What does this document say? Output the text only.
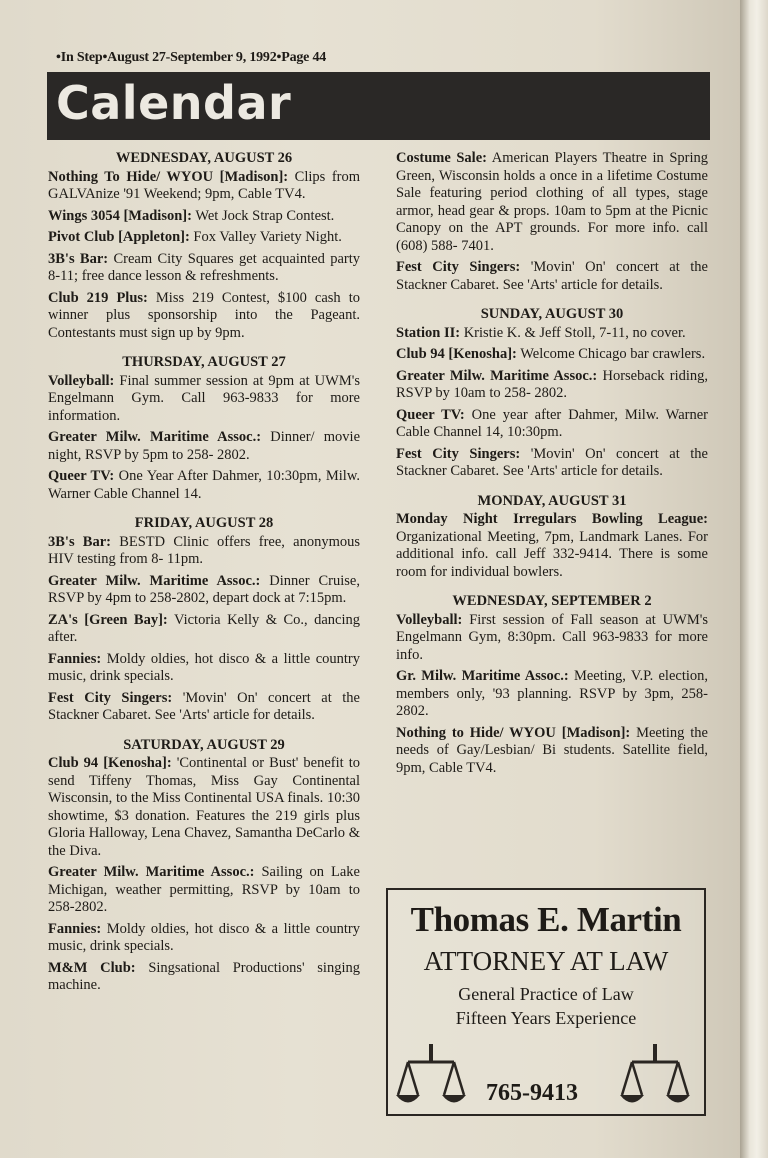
•In Step•August 27-September 9, 1992•Page 44
Calendar
WEDNESDAY, AUGUST 26
Nothing To Hide/ WYOU [Madison]: Clips from GALVAnize '91 Weekend; 9pm, Cable TV4.
Wings 3054 [Madison]: Wet Jock Strap Contest.
Pivot Club [Appleton]: Fox Valley Variety Night.
3B's Bar: Cream City Squares get acquainted party 8-11; free dance lesson & refreshments.
Club 219 Plus: Miss 219 Contest, $100 cash to winner plus sponsorship into the Pageant. Contestants must sign up by 9pm.
THURSDAY, AUGUST 27
Volleyball: Final summer session at 9pm at UWM's Engelmann Gym. Call 963-9833 for more information.
Greater Milw. Maritime Assoc.: Dinner/ movie night, RSVP by 5pm to 258- 2802.
Queer TV: One Year After Dahmer, 10:30pm, Milw. Warner Cable Channel 14.
FRIDAY, AUGUST 28
3B's Bar: BESTD Clinic offers free, anonymous HIV testing from 8- 11pm.
Greater Milw. Maritime Assoc.: Dinner Cruise, RSVP by 4pm to 258-2802, depart dock at 7:15pm.
ZA's [Green Bay]: Victoria Kelly & Co., dancing after.
Fannies: Moldy oldies, hot disco & a little country music, drink specials.
Fest City Singers: 'Movin' On' concert at the Stackner Cabaret. See 'Arts' article for details.
SATURDAY, AUGUST 29
Club 94 [Kenosha]: 'Continental or Bust' benefit to send Tiffeny Thomas, Miss Gay Continental Wisconsin, to the Miss Continental USA finals. 10:30 showtime, $3 donation. Features the 219 girls plus Gloria Halloway, Lena Chavez, Samantha DeCarlo & the Diva.
Greater Milw. Maritime Assoc.: Sailing on Lake Michigan, weather permitting, RSVP by 10am to 258-2802.
Fannies: Moldy oldies, hot disco & a little country music, drink specials.
M&M Club: Singsational Productions' singing machine.
Costume Sale: American Players Theatre in Spring Green, Wisconsin holds a once in a lifetime Costume Sale featuring period clothing of all types, stage armor, head gear & props. 10am to 5pm at the Picnic Canopy on the APT grounds. For more info. call (608) 588- 7401.
Fest City Singers: 'Movin' On' concert at the Stackner Cabaret. See 'Arts' article for details.
SUNDAY, AUGUST 30
Station II: Kristie K. & Jeff Stoll, 7-11, no cover.
Club 94 [Kenosha]: Welcome Chicago bar crawlers.
Greater Milw. Maritime Assoc.: Horseback riding, RSVP by 10am to 258- 2802.
Queer TV: One year after Dahmer, Milw. Warner Cable Channel 14, 10:30pm.
Fest City Singers: 'Movin' On' concert at the Stackner Cabaret. See 'Arts' article for details.
MONDAY, AUGUST 31
Monday Night Irregulars Bowling League: Organizational Meeting, 7pm, Landmark Lanes. For additional info. call Jeff 332-9414. There is some room for individual bowlers.
WEDNESDAY, SEPTEMBER 2
Volleyball: First session of Fall season at UWM's Engelmann Gym, 8:30pm. Call 963-9833 for more info.
Gr. Milw. Maritime Assoc.: Meeting, V.P. election, members only, '93 planning. RSVP by 3pm, 258- 2802.
Nothing to Hide/ WYOU [Madison]: Meeting the needs of Gay/Lesbian/ Bi students. Satellite field, 9pm, Cable TV4.
Thomas E. Martin
ATTORNEY AT LAW
General Practice of Law
Fifteen Years Experience
765-9413
